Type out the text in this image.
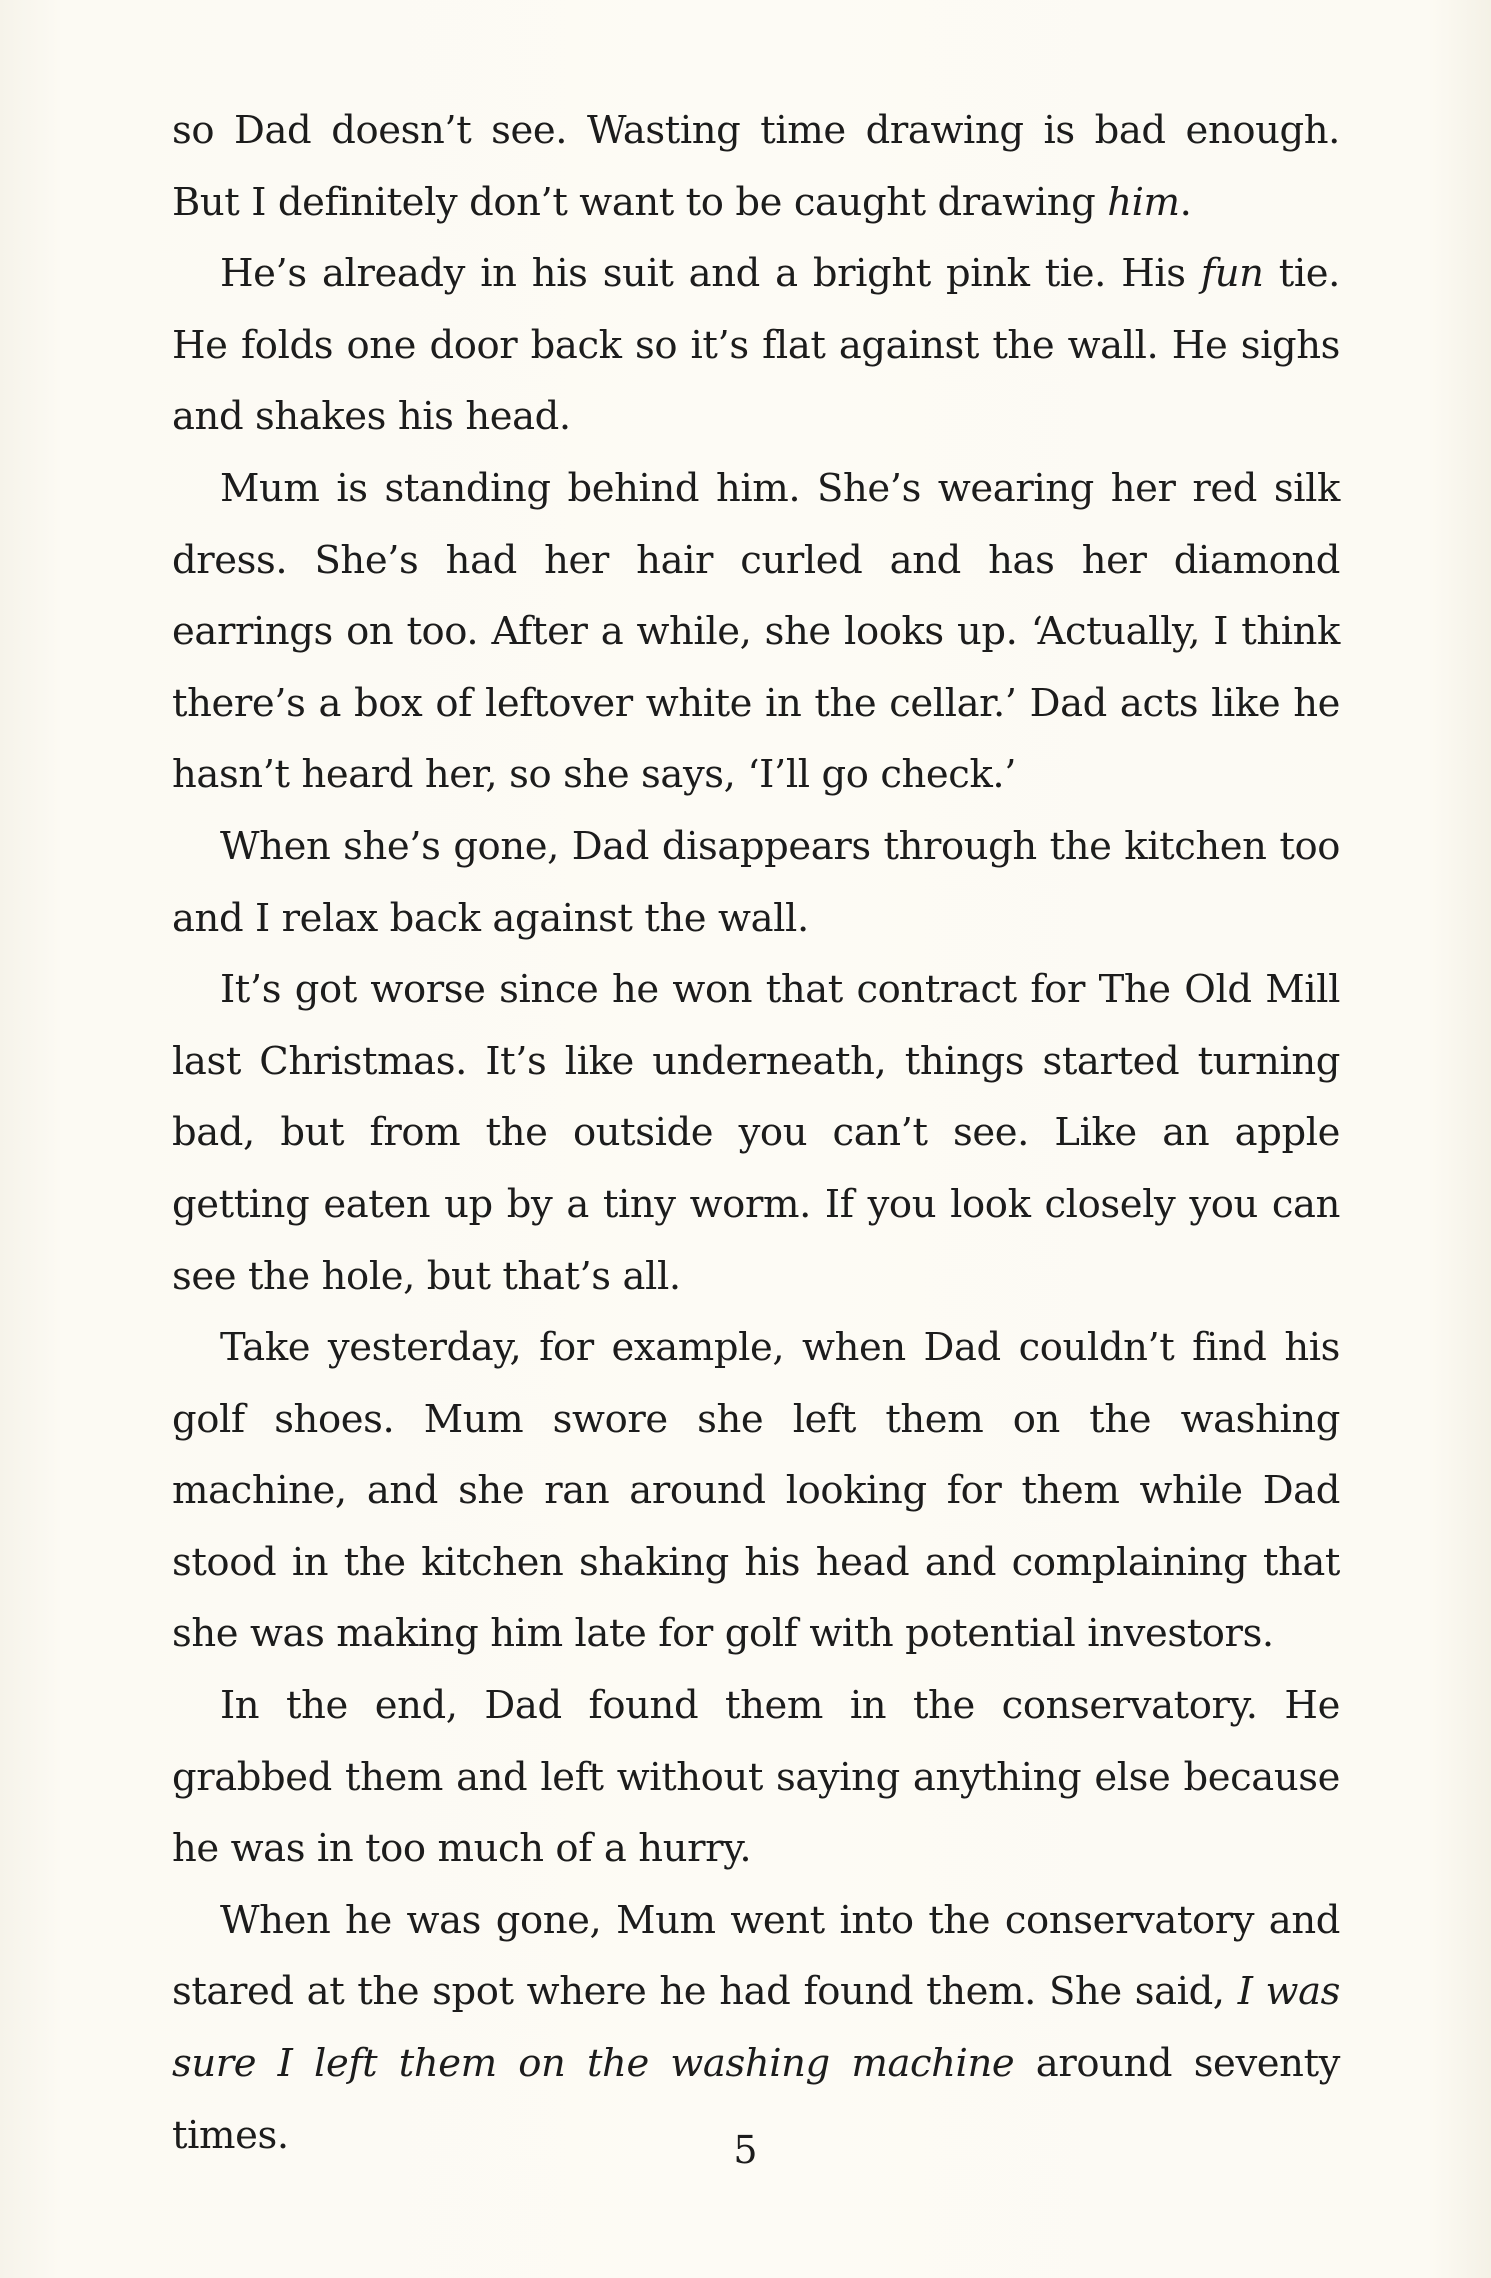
so Dad doesn’t see. Wasting time drawing is bad enough. But I definitely don’t want to be caught drawing him.

He’s already in his suit and a bright pink tie. His fun tie. He folds one door back so it’s flat against the wall. He sighs and shakes his head.

Mum is standing behind him. She’s wearing her red silk dress. She’s had her hair curled and has her diamond earrings on too. After a while, she looks up. ‘Actually, I think there’s a box of leftover white in the cellar.’ Dad acts like he hasn’t heard her, so she says, ‘I’ll go check.’

When she’s gone, Dad disappears through the kitchen too and I relax back against the wall.

It’s got worse since he won that contract for The Old Mill last Christmas. It’s like underneath, things started turning bad, but from the outside you can’t see. Like an apple getting eaten up by a tiny worm. If you look closely you can see the hole, but that’s all.

Take yesterday, for example, when Dad couldn’t find his golf shoes. Mum swore she left them on the washing machine, and she ran around looking for them while Dad stood in the kitchen shaking his head and complaining that she was making him late for golf with potential investors.

In the end, Dad found them in the conservatory. He grabbed them and left without saying anything else because he was in too much of a hurry.

When he was gone, Mum went into the conservatory and stared at the spot where he had found them. She said, I was sure I left them on the washing machine around seventy times.	5
